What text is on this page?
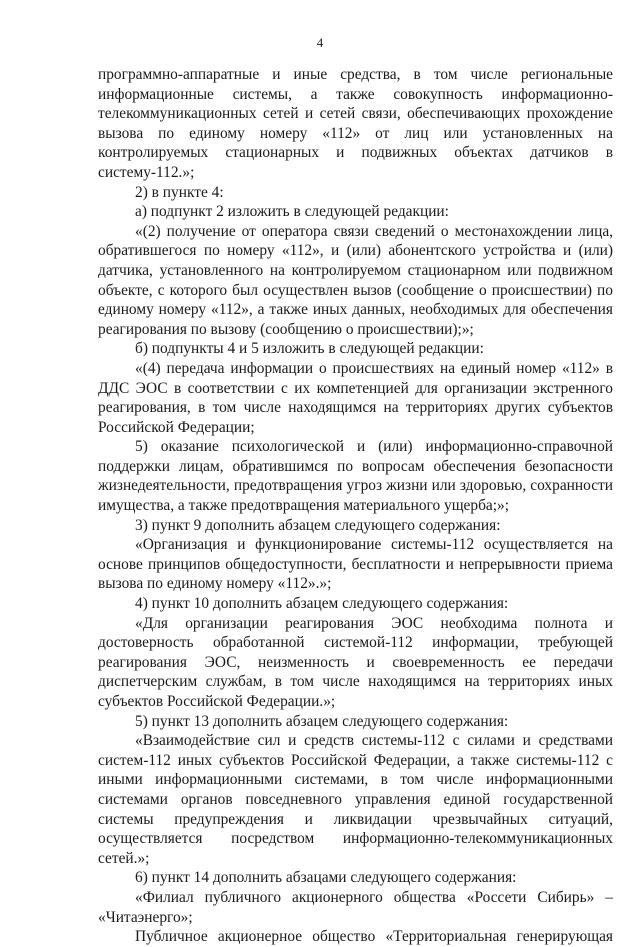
4

программно-аппаратные и иные средства, в том числе региональные информационные системы, а также совокупность информационно-телекоммуникационных сетей и сетей связи, обеспечивающих прохождение вызова по единому номеру «112» от лиц или установленных на контролируемых стационарных и подвижных объектах датчиков в систему-112.»;

2) в пункте 4:

а) подпункт 2 изложить в следующей редакции:

«(2) получение от оператора связи сведений о местонахождении лица, обратившегося по номеру «112», и (или) абонентского устройства и (или) датчика, установленного на контролируемом стационарном или подвижном объекте, с которого был осуществлен вызов (сообщение о происшествии) по единому номеру «112», а также иных данных, необходимых для обеспечения реагирования по вызову (сообщению о происшествии);»;

б) подпункты 4 и 5 изложить в следующей редакции:

«(4) передача информации о происшествиях на единый номер «112» в ДДС ЭОС в соответствии с их компетенцией для организации экстренного реагирования, в том числе находящимся на территориях других субъектов Российской Федерации;

5) оказание психологической и (или) информационно-справочной поддержки лицам, обратившимся по вопросам обеспечения безопасности жизнедеятельности, предотвращения угроз жизни или здоровью, сохранности имущества, а также предотвращения материального ущерба;»;

3) пункт 9 дополнить абзацем следующего содержания:

«Организация и функционирование системы-112 осуществляется на основе принципов общедоступности, бесплатности и непрерывности приема вызова по единому номеру «112».»;

4) пункт 10 дополнить абзацем следующего содержания:

«Для организации реагирования ЭОС необходима полнота и достоверность обработанной системой-112 информации, требующей реагирования ЭОС, неизменность и своевременность ее передачи диспетчерским службам, в том числе находящимся на территориях иных субъектов Российской Федерации.»;

5) пункт 13 дополнить абзацем следующего содержания:

«Взаимодействие сил и средств системы-112 с силами и средствами систем-112 иных субъектов Российской Федерации, а также системы-112 с иными информационными системами, в том числе информационными системами органов повседневного управления единой государственной системы предупреждения и ликвидации чрезвычайных ситуаций, осуществляется посредством информационно-телекоммуникационных сетей.»;

6) пункт 14 дополнить абзацами следующего содержания:

«Филиал публичного акционерного общества «Россети Сибирь» – «Читаэнерго»;

Публичное акционерное общество «Территориальная генерирующая
